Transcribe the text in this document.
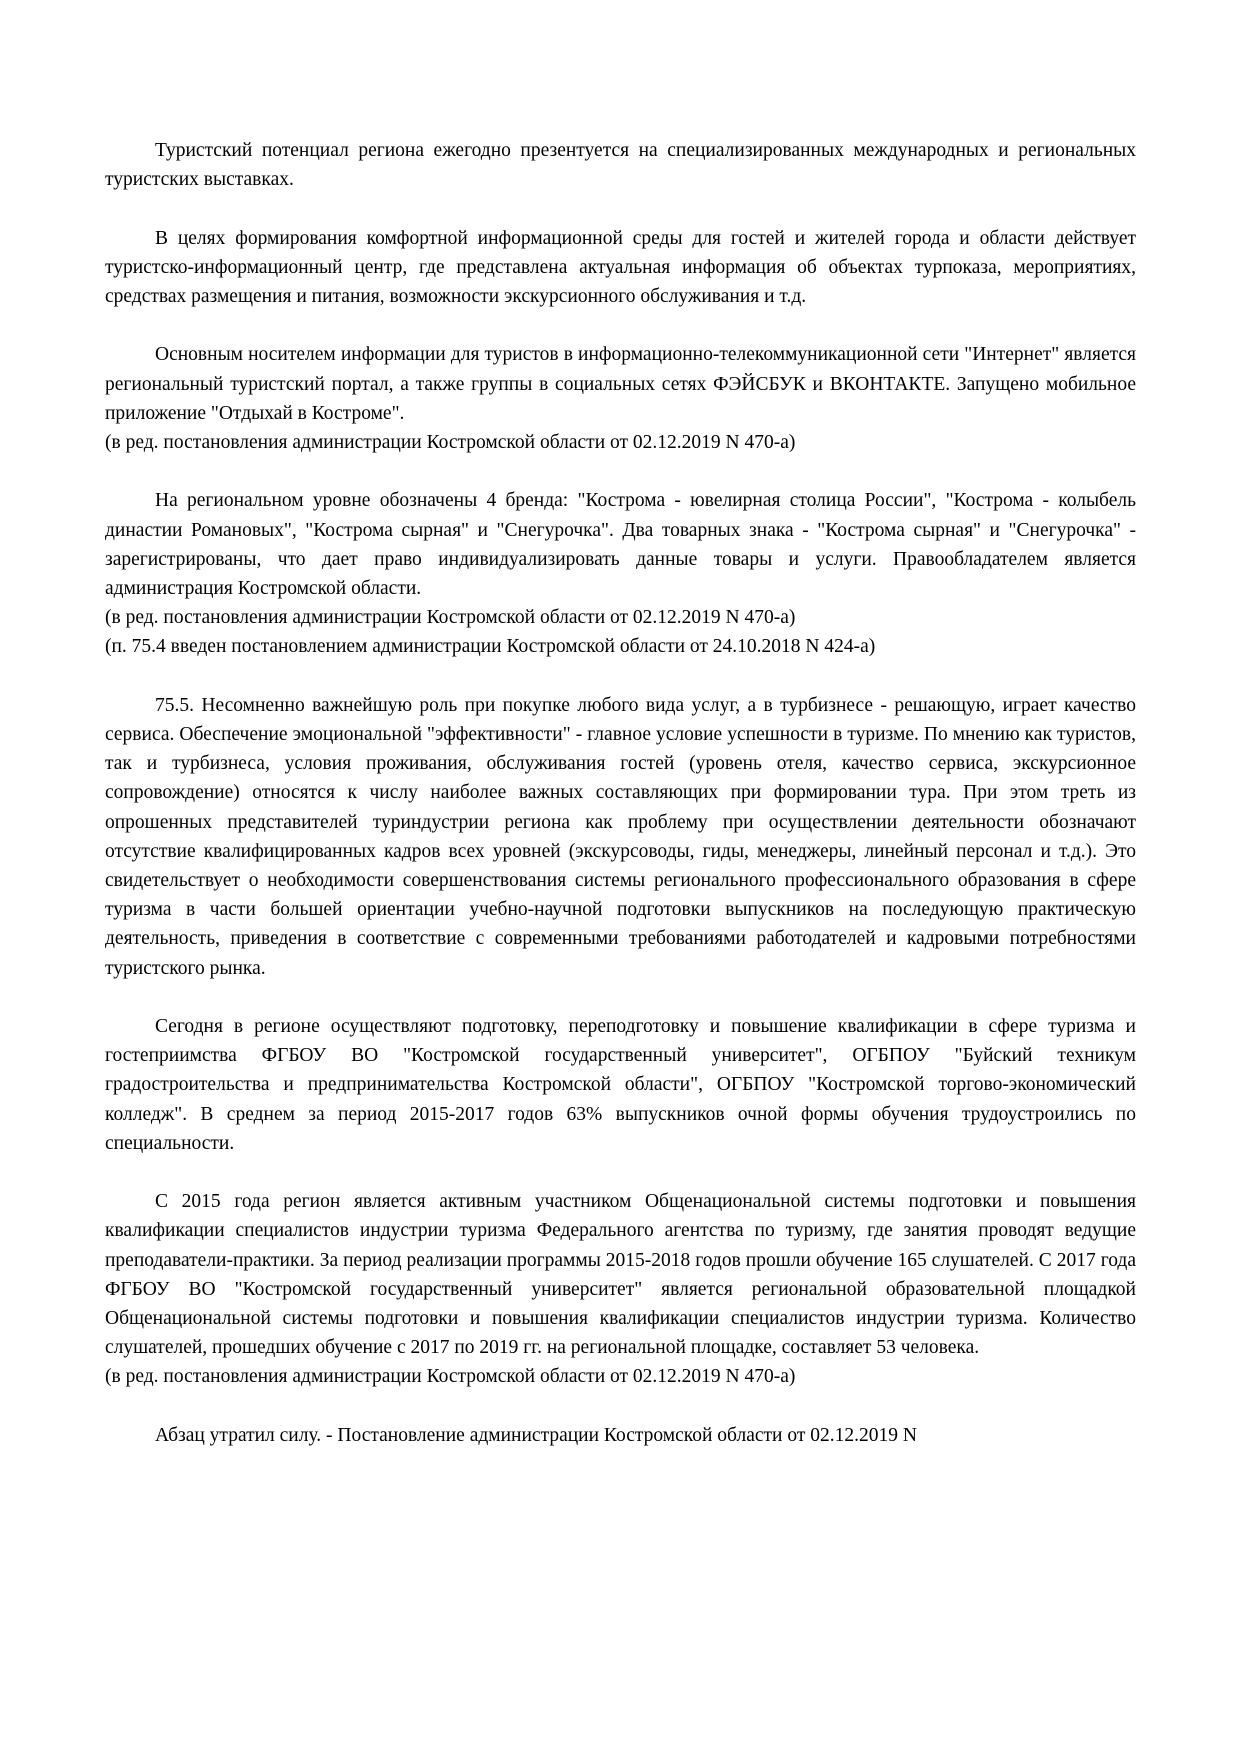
Туристский потенциал региона ежегодно презентуется на специализированных международных и региональных туристских выставках.

В целях формирования комфортной информационной среды для гостей и жителей города и области действует туристско-информационный центр, где представлена актуальная информация об объектах турпоказа, мероприятиях, средствах размещения и питания, возможности экскурсионного обслуживания и т.д.

Основным носителем информации для туристов в информационно-телекоммуникационной сети "Интернет" является региональный туристский портал, а также группы в социальных сетях ФЭЙСБУК и ВКОНТАКТЕ. Запущено мобильное приложение "Отдыхай в Костроме".

(в ред. постановления администрации Костромской области от 02.12.2019 N 470-а)

На региональном уровне обозначены 4 бренда: "Кострома - ювелирная столица России", "Кострома - колыбель династии Романовых", "Кострома сырная" и "Снегурочка". Два товарных знака - "Кострома сырная" и "Снегурочка" - зарегистрированы, что дает право индивидуализировать данные товары и услуги. Правообладателем является администрация Костромской области.

(в ред. постановления администрации Костромской области от 02.12.2019 N 470-а)

(п. 75.4 введен постановлением администрации Костромской области от 24.10.2018 N 424-а)

75.5. Несомненно важнейшую роль при покупке любого вида услуг, а в турбизнесе - решающую, играет качество сервиса. Обеспечение эмоциональной "эффективности" - главное условие успешности в туризме. По мнению как туристов, так и турбизнеса, условия проживания, обслуживания гостей (уровень отеля, качество сервиса, экскурсионное сопровождение) относятся к числу наиболее важных составляющих при формировании тура. При этом треть из опрошенных представителей туриндустрии региона как проблему при осуществлении деятельности обозначают отсутствие квалифицированных кадров всех уровней (экскурсоводы, гиды, менеджеры, линейный персонал и т.д.). Это свидетельствует о необходимости совершенствования системы регионального профессионального образования в сфере туризма в части большей ориентации учебно-научной подготовки выпускников на последующую практическую деятельность, приведения в соответствие с современными требованиями работодателей и кадровыми потребностями туристского рынка.

Сегодня в регионе осуществляют подготовку, переподготовку и повышение квалификации в сфере туризма и гостеприимства ФГБОУ ВО "Костромской государственный университет", ОГБПОУ "Буйский техникум градостроительства и предпринимательства Костромской области", ОГБПОУ "Костромской торгово-экономический колледж". В среднем за период 2015-2017 годов 63% выпускников очной формы обучения трудоустроились по специальности.

С 2015 года регион является активным участником Общенациональной системы подготовки и повышения квалификации специалистов индустрии туризма Федерального агентства по туризму, где занятия проводят ведущие преподаватели-практики. За период реализации программы 2015-2018 годов прошли обучение 165 слушателей. С 2017 года ФГБОУ ВО "Костромской государственный университет" является региональной образовательной площадкой Общенациональной системы подготовки и повышения квалификации специалистов индустрии туризма. Количество слушателей, прошедших обучение с 2017 по 2019 гг. на региональной площадке, составляет 53 человека.

(в ред. постановления администрации Костромской области от 02.12.2019 N 470-а)

Абзац утратил силу. - Постановление администрации Костромской области от 02.12.2019 N
